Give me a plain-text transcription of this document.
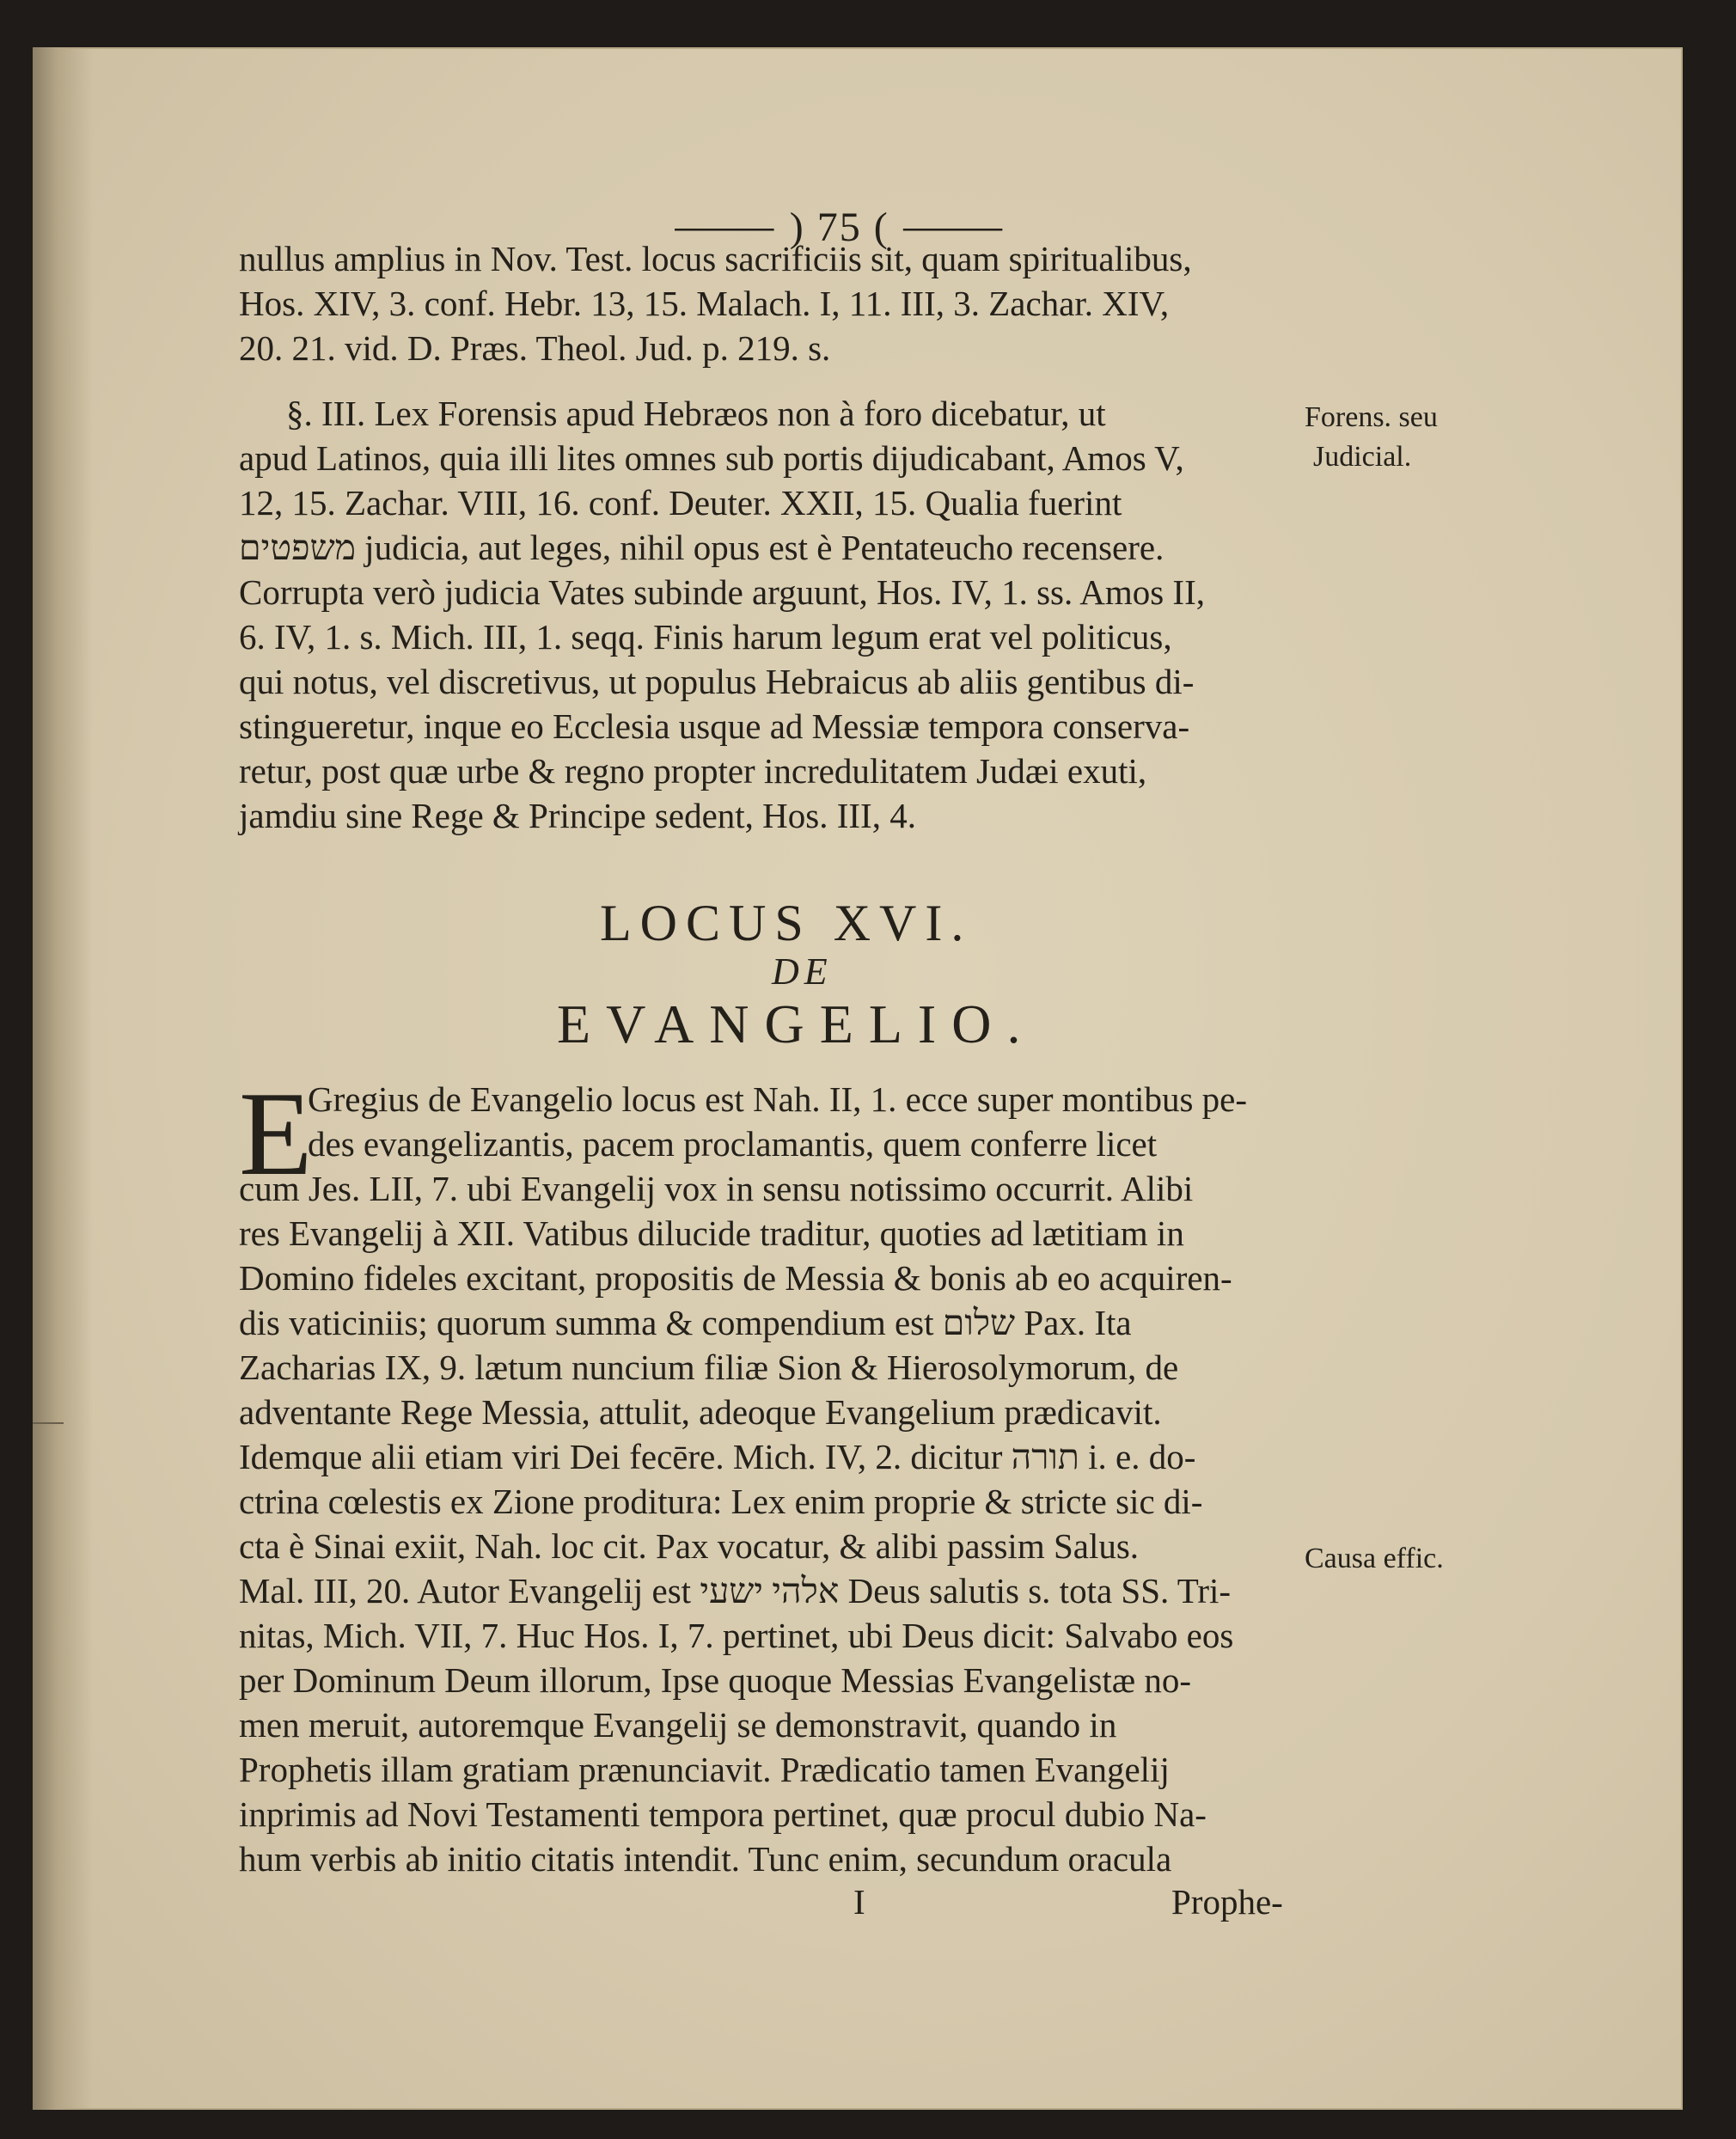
⸻ ) 75 ( ⸻
nullus amplius in Nov. Test. locus sacrificiis sit, quam spiritualibus,
Hos. XIV, 3. conf. Hebr. 13, 15. Malach. I, 11. III, 3. Zachar. XIV,
20. 21. vid. D. Præs. Theol. Jud. p. 219. s.
§. III. Lex Forensis apud Hebræos non à foro dicebatur, ut
apud Latinos, quia illi lites omnes sub portis dijudicabant, Amos V,
12, 15. Zachar. VIII, 16. conf. Deuter. XXII, 15. Qualia fuerint
משפטים judicia, aut leges, nihil opus est è Pentateucho recensere.
Corrupta verò judicia Vates subinde arguunt, Hos. IV, 1. ss. Amos II,
6. IV, 1. s. Mich. III, 1. seqq. Finis harum legum erat vel politicus,
qui notus, vel discretivus, ut populus Hebraicus ab aliis gentibus di-
stingueretur, inque eo Ecclesia usque ad Messiæ tempora conserva-
retur, post quæ urbe & regno propter incredulitatem Judæi exuti,
jamdiu sine Rege & Principe sedent, Hos. III, 4.
LOCUS XVI.
DE
EVANGELIO.
E
Gregius de Evangelio locus est Nah. II, 1. ecce super montibus pe-
des evangelizantis, pacem proclamantis, quem conferre licet
cum Jes. LII, 7. ubi Evangelij vox in sensu notissimo occurrit. Alibi
res Evangelij à XII. Vatibus dilucide traditur, quoties ad lætitiam in
Domino fideles excitant, propositis de Messia & bonis ab eo acquiren-
dis vaticiniis; quorum summa & compendium est שלום Pax. Ita
Zacharias IX, 9. lætum nuncium filiæ Sion & Hierosolymorum, de
adventante Rege Messia, attulit, adeoque Evangelium prædicavit.
Idemque alii etiam viri Dei fecēre. Mich. IV, 2. dicitur תורה i. e. do-
ctrina cœlestis ex Zione proditura: Lex enim proprie & stricte sic di-
cta è Sinai exiit, Nah. loc cit. Pax vocatur, & alibi passim Salus.
Mal. III, 20. Autor Evangelij est אלהי ישעי Deus salutis s. tota SS. Tri-
nitas, Mich. VII, 7. Huc Hos. I, 7. pertinet, ubi Deus dicit: Salvabo eos
per Dominum Deum illorum, Ipse quoque Messias Evangelistæ no-
men meruit, autoremque Evangelij se demonstravit, quando in
Prophetis illam gratiam prænunciavit. Prædicatio tamen Evangelij
inprimis ad Novi Testamenti tempora pertinet, quæ procul dubio Na-
hum verbis ab initio citatis intendit. Tunc enim, secundum oracula
I	Prophe-
Forens. seu
Judicial.
Causa effic.
